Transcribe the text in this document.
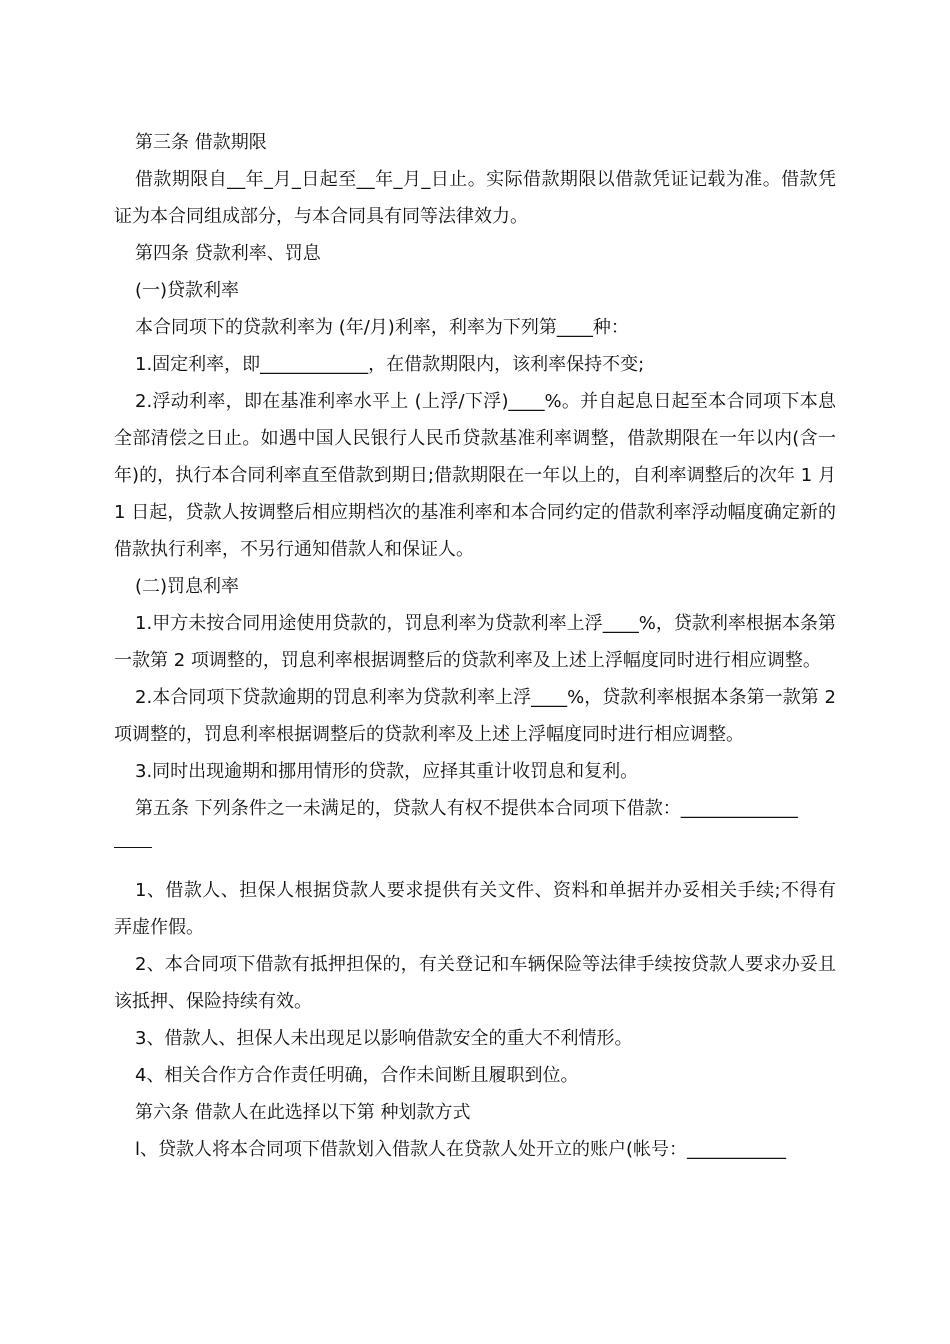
第三条 借款期限

借款期限自__年_月_日起至__年_月_日止。实际借款期限以借款凭证记载为准。借款凭证为本合同组成部分，与本合同具有同等法律效力。

第四条 贷款利率、罚息

(一)贷款利率

本合同项下的贷款利率为 (年/月)利率，利率为下列第____种：

1.固定利率，即____________，在借款期限内，该利率保持不变;

2.浮动利率，即在基准利率水平上 (上浮/下浮)____%。并自起息日起至本合同项下本息全部清偿之日止。如遇中国人民银行人民币贷款基准利率调整，借款期限在一年以内(含一年)的，执行本合同利率直至借款到期日;借款期限在一年以上的，自利率调整后的次年 1 月 1 日起，贷款人按调整后相应期档次的基准利率和本合同约定的借款利率浮动幅度确定新的借款执行利率，不另行通知借款人和保证人。

(二)罚息利率

1.甲方未按合同用途使用贷款的，罚息利率为贷款利率上浮____%，贷款利率根据本条第一款第 2 项调整的，罚息利率根据调整后的贷款利率及上述上浮幅度同时进行相应调整。

2.本合同项下贷款逾期的罚息利率为贷款利率上浮____%，贷款利率根据本条第一款第 2 项调整的，罚息利率根据调整后的贷款利率及上述上浮幅度同时进行相应调整。

3.同时出现逾期和挪用情形的贷款，应择其重计收罚息和复利。

第五条 下列条件之一未满足的，贷款人有权不提供本合同项下借款：_____________

1、借款人、担保人根据贷款人要求提供有关文件、资料和单据并办妥相关手续;不得有弄虚作假。

2、本合同项下借款有抵押担保的，有关登记和车辆保险等法律手续按贷款人要求办妥且该抵押、保险持续有效。

3、借款人、担保人未出现足以影响借款安全的重大不利情形。

4、相关合作方合作责任明确，合作未间断且履职到位。

第六条 借款人在此选择以下第 种划款方式

l、贷款人将本合同项下借款划入借款人在贷款人处开立的账户(帐号：___________
